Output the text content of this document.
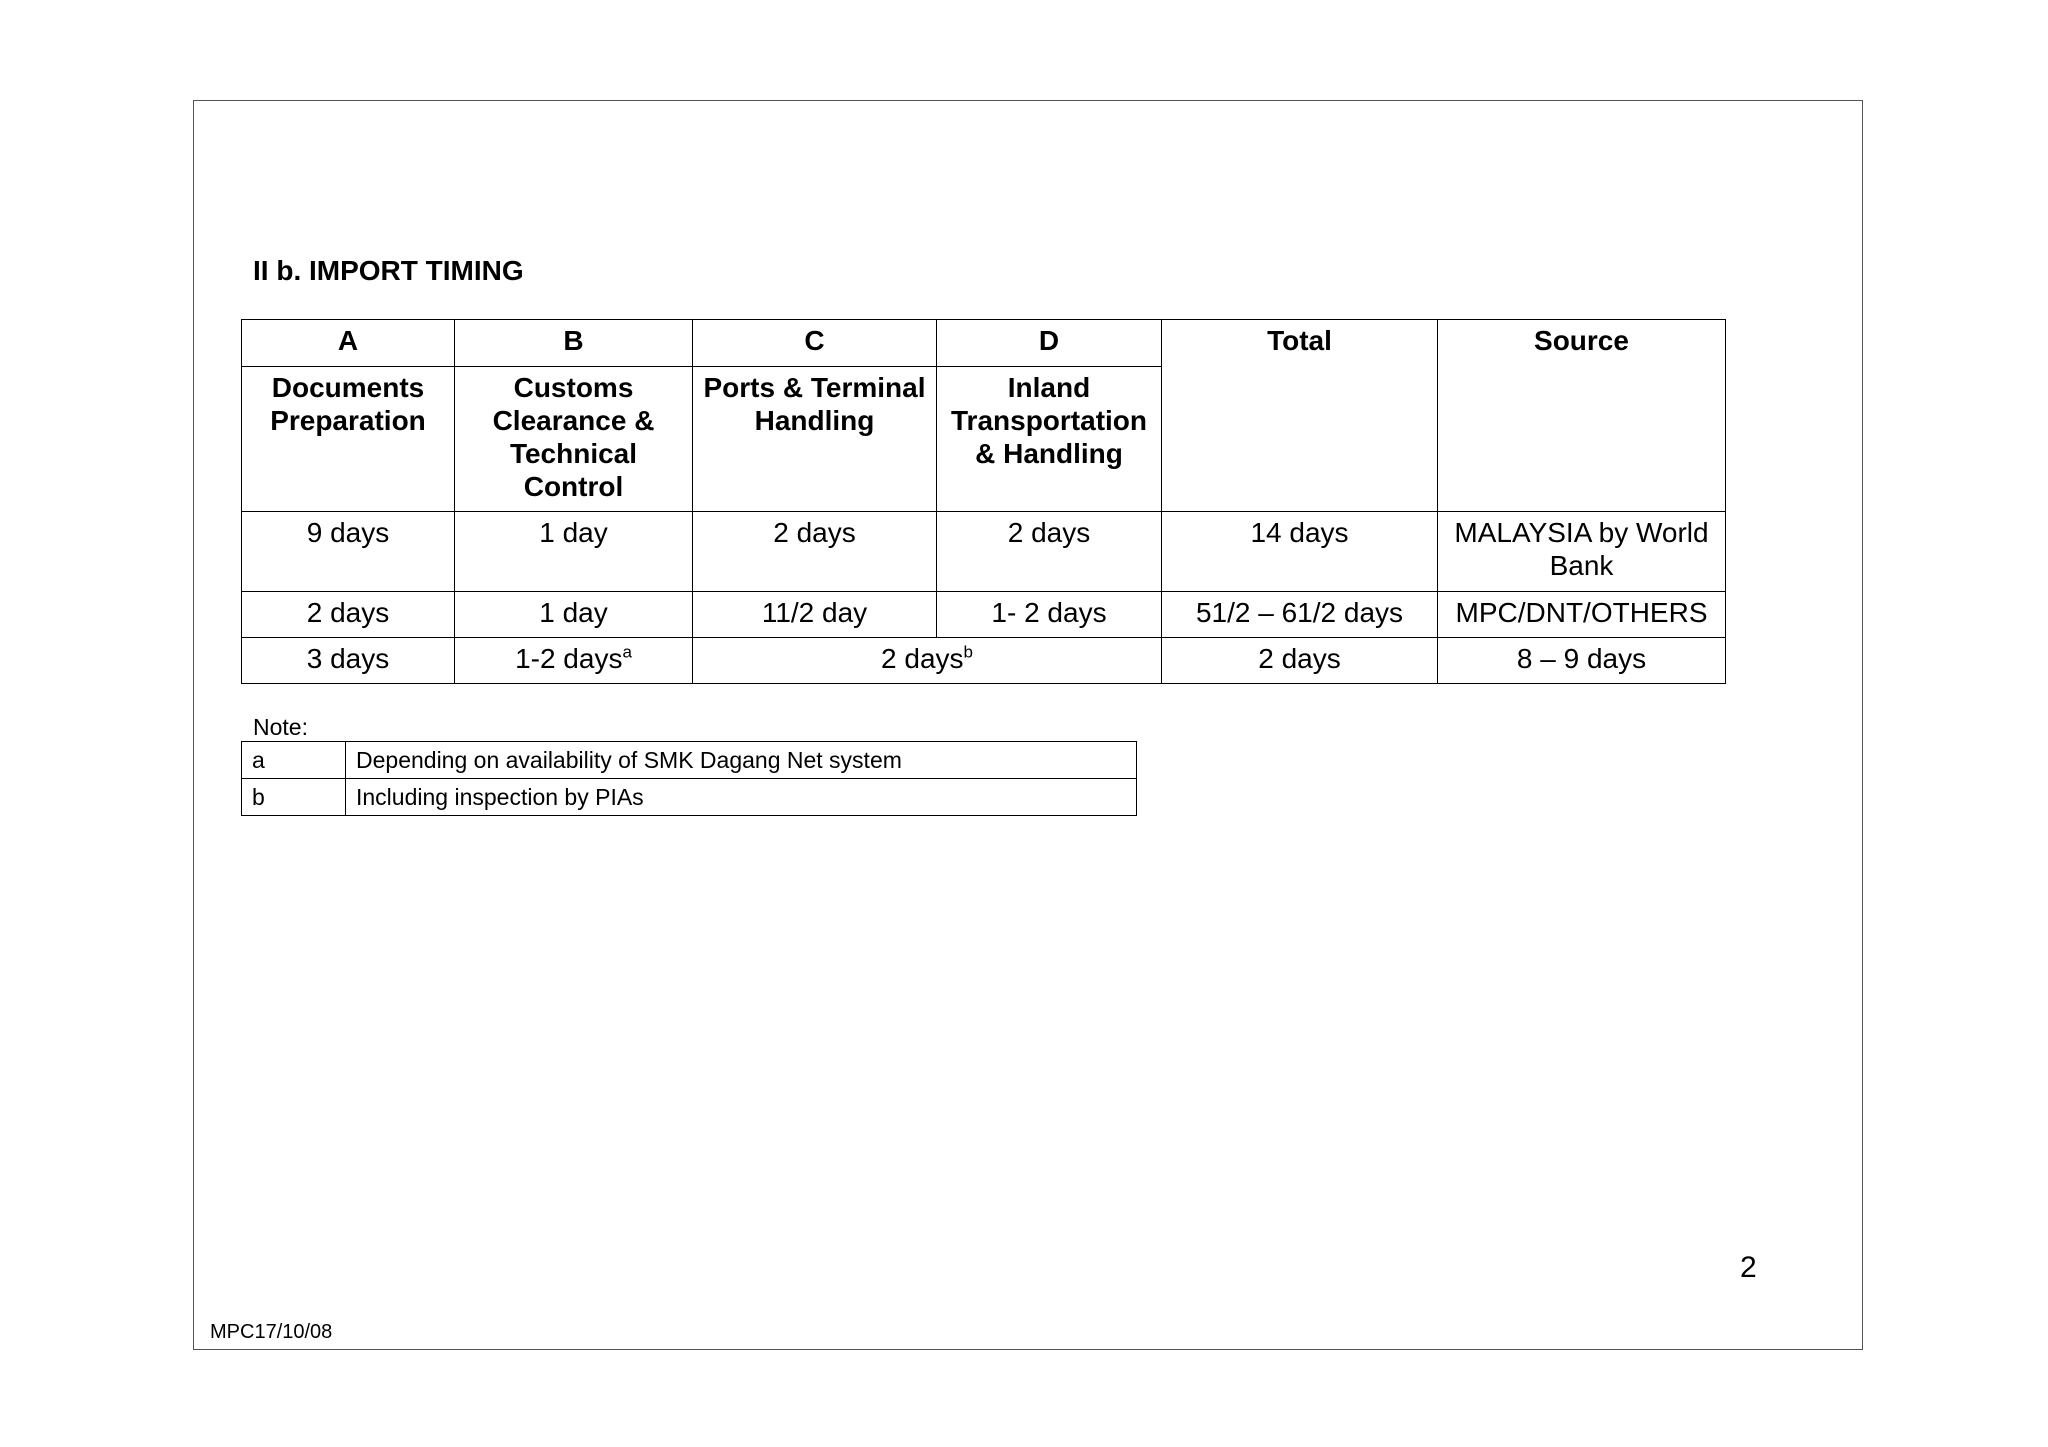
II b. IMPORT TIMING
A	B	C	D	Total	Source
Documents Preparation	Customs Clearance & Technical Control	Ports & Terminal Handling	Inland Transportation & Handling		
9 days	1 day	2 days	2 days	14 days	MALAYSIA by World Bank
2 days	1 day	11/2 day	1- 2 days	51/2 – 61/2 days	MPC/DNT/OTHERS
3 days	1-2 days$^a$	2 days$^b$		2 days	8 – 9 days
Note:
a	Depending on availability of SMK Dagang Net system
b	Including inspection by PIAs
2
MPC17/10/08
